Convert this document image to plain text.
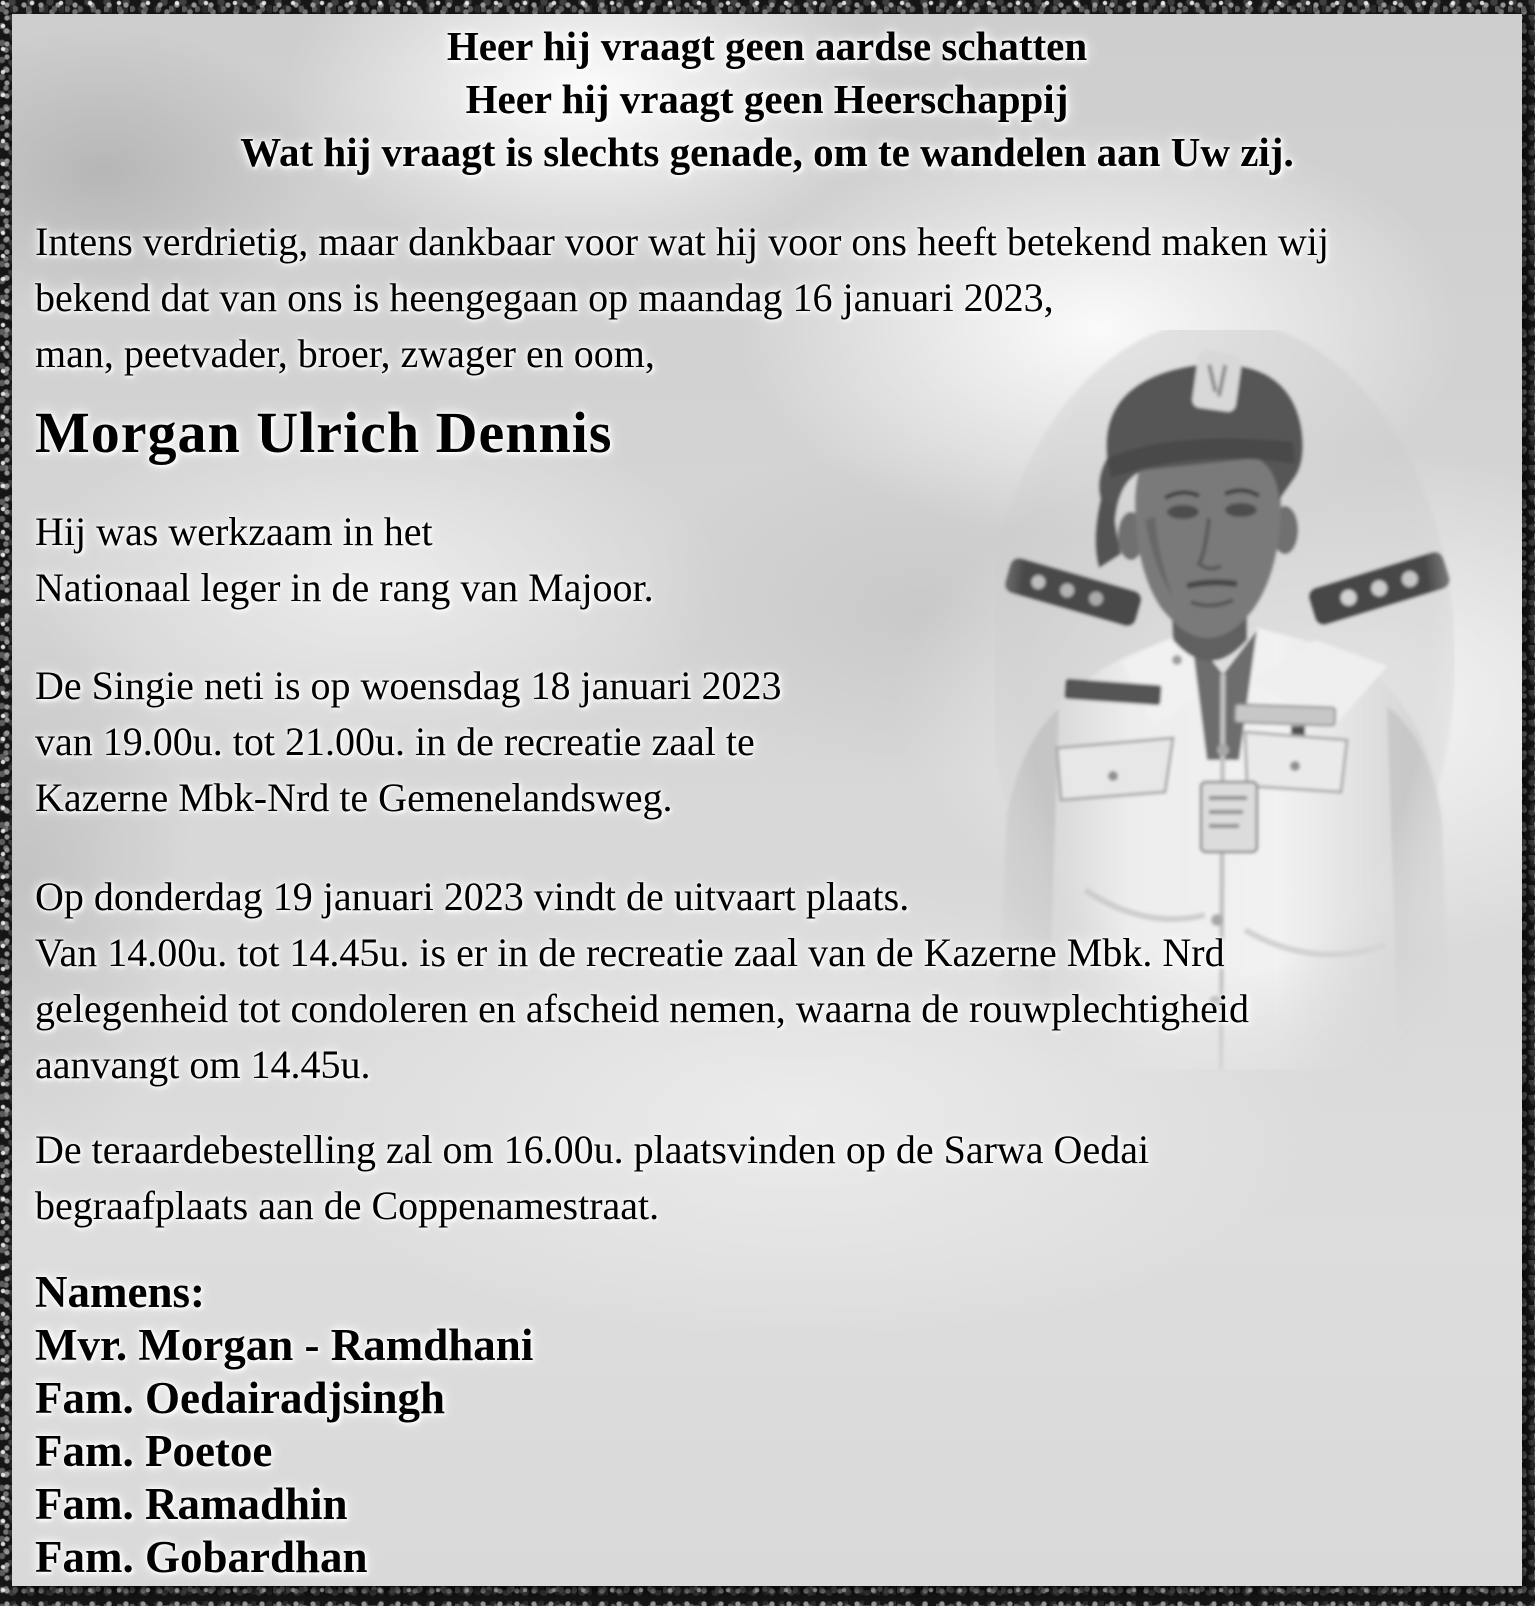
Heer hij vraagt geen aardse schatten
Heer hij vraagt geen Heerschappij
Wat hij vraagt is slechts genade, om te wandelen aan Uw zij.
Intens verdrietig, maar dankbaar voor wat hij voor ons heeft betekend maken wij
bekend dat van ons is heengegaan op maandag 16 januari 2023,
man, peetvader, broer, zwager en oom,
Morgan Ulrich Dennis
Hij was werkzaam in het
Nationaal leger in de rang van Majoor.
De Singie neti is op woensdag 18 januari 2023
van 19.00u. tot 21.00u. in de recreatie zaal te
Kazerne Mbk-Nrd te Gemenelandsweg.
Op donderdag 19 januari 2023 vindt de uitvaart plaats.
Van 14.00u. tot 14.45u. is er in de recreatie zaal van de Kazerne Mbk. Nrd
gelegenheid tot condoleren en afscheid nemen, waarna de rouwplechtigheid
aanvangt om 14.45u.
De teraardebestelling zal om 16.00u. plaatsvinden op de Sarwa Oedai
begraafplaats aan de Coppenamestraat.
Namens:
Mvr. Morgan - Ramdhani
Fam. Oedairadjsingh
Fam. Poetoe
Fam. Ramadhin
Fam. Gobardhan
